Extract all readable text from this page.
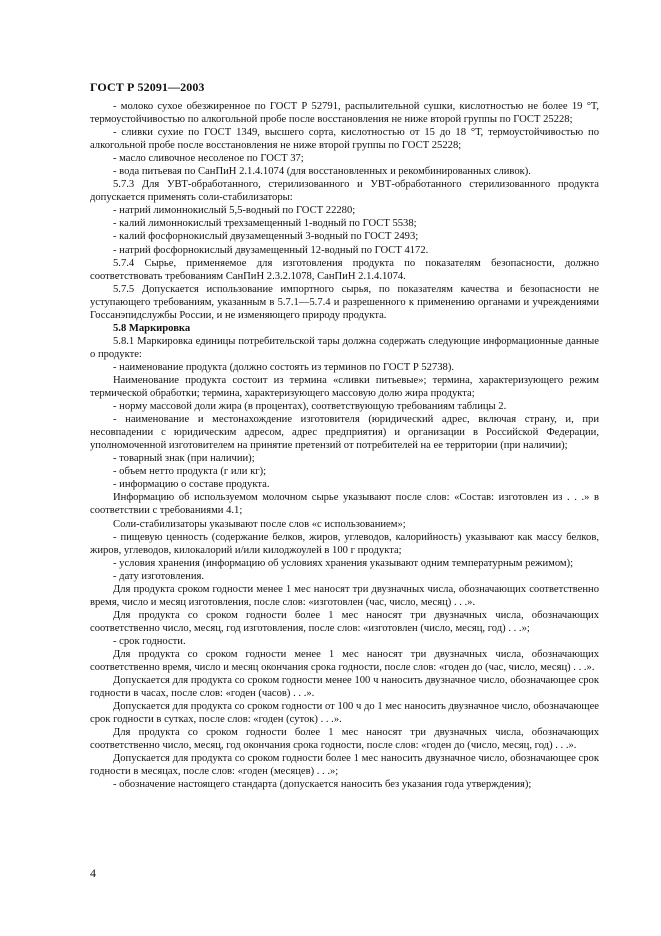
ГОСТ Р 52091—2003

- молоко сухое обезжиренное по ГОСТ Р 52791, распылительной сушки, кислотностью не более 19 °Т, термоустойчивостью по алкогольной пробе после восстановления не ниже второй группы по ГОСТ 25228;

- сливки сухие по ГОСТ 1349, высшего сорта, кислотностью от 15 до 18 °Т, термоустойчивостью по алкогольной пробе после восстановления не ниже второй группы по ГОСТ 25228;

- масло сливочное несоленое по ГОСТ 37;

- вода питьевая по СанПиН 2.1.4.1074 (для восстановленных и рекомбинированных сливок).

5.7.3 Для УВТ-обработанного, стерилизованного и УВТ-обработанного стерилизованного продукта допускается применять соли-стабилизаторы:

- натрий лимоннокислый 5,5-водный по ГОСТ 22280;

- калий лимоннокислый трехзамещенный 1-водный по ГОСТ 5538;

- калий фосфорнокислый двузамещенный 3-водный по ГОСТ 2493;

- натрий фосфорнокислый двузамещенный 12-водный по ГОСТ 4172.

5.7.4 Сырье, применяемое для изготовления продукта по показателям безопасности, должно соответствовать требованиям СанПиН 2.3.2.1078, СанПиН 2.1.4.1074.

5.7.5 Допускается использование импортного сырья, по показателям качества и безопасности не уступающего требованиям, указанным в 5.7.1—5.7.4 и разрешенного к применению органами и учреждениями Госсанэпидслужбы России, и не изменяющего природу продукта.

5.8 Маркировка

5.8.1 Маркировка единицы потребительской тары должна содержать следующие информационные данные о продукте:

- наименование продукта (должно состоять из терминов по ГОСТ Р 52738).

Наименование продукта состоит из термина «сливки питьевые»; термина, характеризующего режим термической обработки; термина, характеризующего массовую долю жира продукта;

- норму массовой доли жира (в процентах), соответствующую требованиям таблицы 2.

- наименование и местонахождение изготовителя (юридический адрес, включая страну, и, при несовпадении с юридическим адресом, адрес предприятия) и организации в Российской Федерации, уполномоченной изготовителем на принятие претензий от потребителей на ее территории (при наличии);

- товарный знак (при наличии);

- объем нетто продукта (г или кг);

- информацию о составе продукта.

Информацию об используемом молочном сырье указывают после слов: «Состав: изготовлен из . . .» в соответствии с требованиями 4.1;

Соли-стабилизаторы указывают после слов «с использованием»;

- пищевую ценность (содержание белков, жиров, углеводов, калорийность) указывают как массу белков, жиров, углеводов, килокалорий и/или килоджоулей в 100 г продукта;

- условия хранения (информацию об условиях хранения указывают одним температурным режимом);

- дату изготовления.

Для продукта сроком годности менее 1 мес наносят три двузначных числа, обозначающих соответственно время, число и месяц изготовления, после слов: «изготовлен (час, число, месяц) . . .».

Для продукта со сроком годности более 1 мес наносят три двузначных числа, обозначающих соответственно число, месяц, год изготовления, после слов: «изготовлен (число, месяц, год) . . .»;

- срок годности.

Для продукта со сроком годности менее 1 мес наносят три двузначных числа, обозначающих соответственно время, число и месяц окончания срока годности, после слов: «годен до (час, число, месяц) . . .».

Допускается для продукта со сроком годности менее 100 ч наносить двузначное число, обозначающее срок годности в часах, после слов: «годен (часов) . . .».

Допускается для продукта со сроком годности от 100 ч до 1 мес наносить двузначное число, обозначающее срок годности в сутках, после слов: «годен (суток) . . .».

Для продукта со сроком годности более 1 мес наносят три двузначных числа, обозначающих соответственно число, месяц, год окончания срока годности, после слов: «годен до (число, месяц, год) . . .».

Допускается для продукта со сроком годности более 1 мес наносить двузначное число, обозначающее срок годности в месяцах, после слов: «годен (месяцев) . . .»;

- обозначение настоящего стандарта (допускается наносить без указания года утверждения);

4
